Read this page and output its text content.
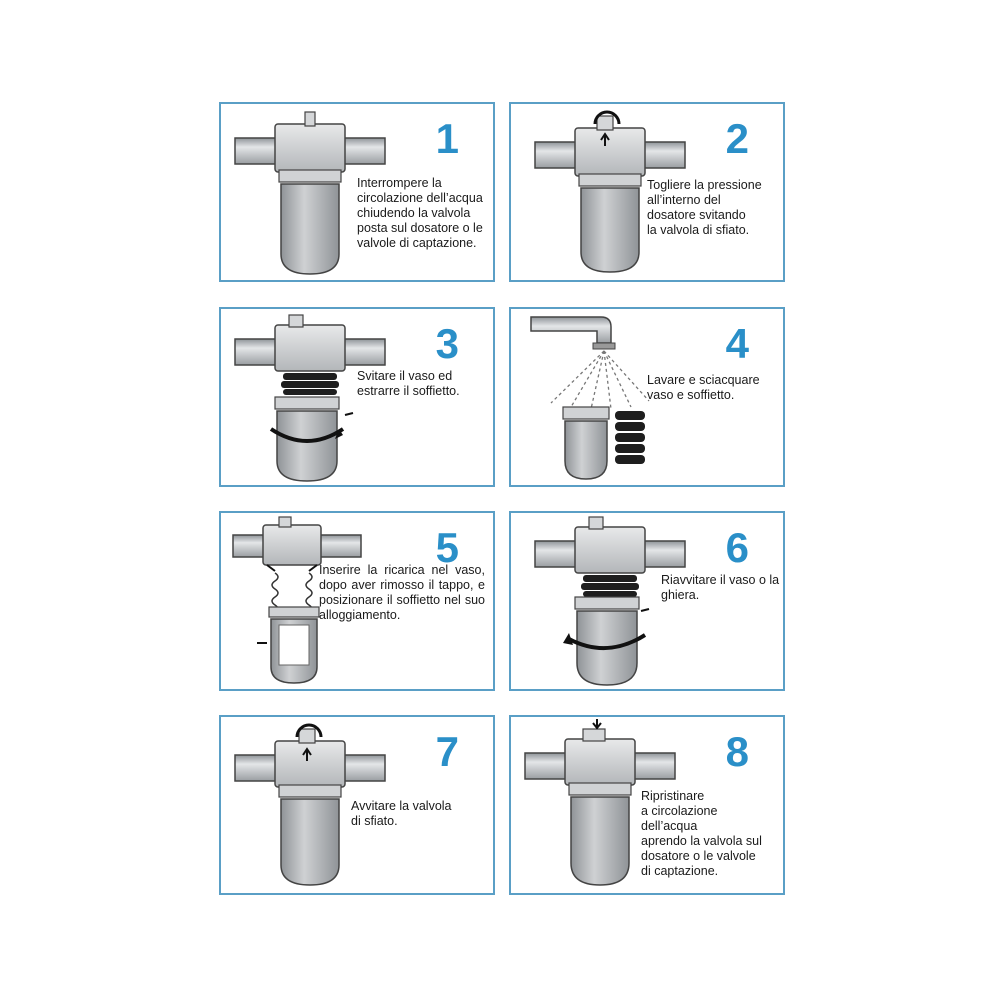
1
Interrompere la
circolazione dell’acqua
chiudendo la valvola
posta sul dosatore o le
valvole di captazione.
2
Togliere la pressione
all’interno del
dosatore svitando
la valvola di sfiato.
3
Svitare il vaso ed
estrarre il soffietto.
4
Lavare e sciacquare
vaso e soffietto.
5
Inserire la ricarica nel vaso, dopo aver rimosso il tappo, e posizionare il soffietto nel suo alloggiamento.
6
Riavvitare il vaso o la
ghiera.
7
Avvitare la valvola
di sfiato.
8
Ripristinare
a circolazione dell’acqua
aprendo la valvola sul
dosatore o le valvole
di captazione.
